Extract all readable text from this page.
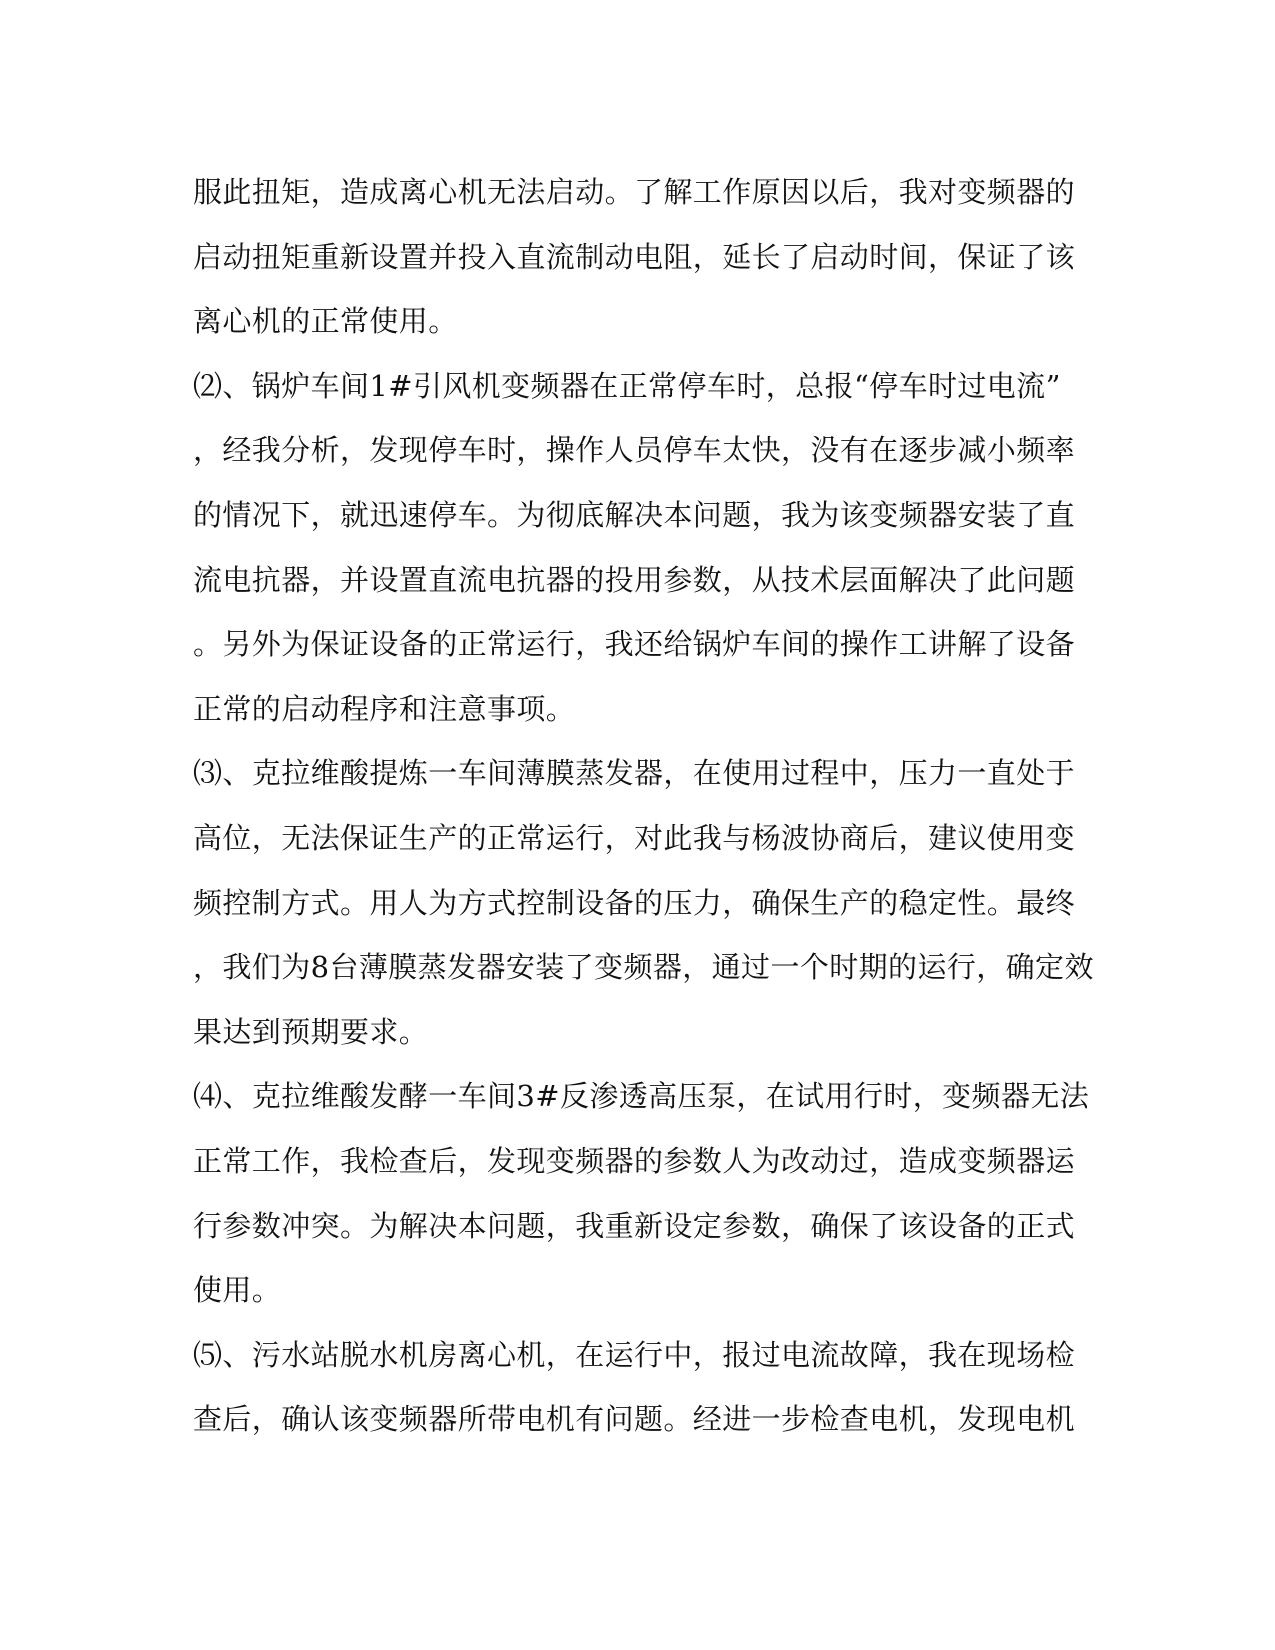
服此扭矩，造成离心机无法启动。了解工作原因以后，我对变频器的
启动扭矩重新设置并投入直流制动电阻，延长了启动时间，保证了该
离心机的正常使用。
⑵、锅炉车间1#引风机变频器在正常停车时，总报“停车时过电流”
，经我分析，发现停车时，操作人员停车太快，没有在逐步减小频率
的情况下，就迅速停车。为彻底解决本问题，我为该变频器安装了直
流电抗器，并设置直流电抗器的投用参数，从技术层面解决了此问题
。另外为保证设备的正常运行，我还给锅炉车间的操作工讲解了设备
正常的启动程序和注意事项。
⑶、克拉维酸提炼一车间薄膜蒸发器，在使用过程中，压力一直处于
高位，无法保证生产的正常运行，对此我与杨波协商后，建议使用变
频控制方式。用人为方式控制设备的压力，确保生产的稳定性。最终
，我们为8台薄膜蒸发器安装了变频器，通过一个时期的运行，确定效
果达到预期要求。
⑷、克拉维酸发酵一车间3#反渗透高压泵，在试用行时，变频器无法
正常工作，我检查后，发现变频器的参数人为改动过，造成变频器运
行参数冲突。为解决本问题，我重新设定参数，确保了该设备的正式
使用。
⑸、污水站脱水机房离心机，在运行中，报过电流故障，我在现场检
查后，确认该变频器所带电机有问题。经进一步检查电机，发现电机
